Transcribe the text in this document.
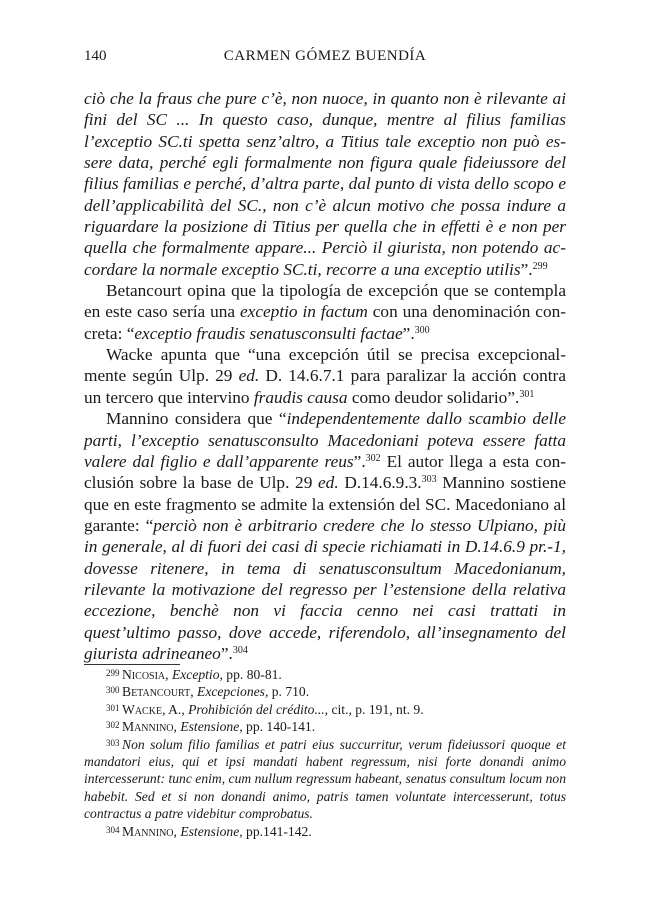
140	CARMEN GÓMEZ BUENDÍA

ciò che la fraus che pure c’è, non nuoce, in quanto non è rilevante ai fini del SC ... In questo caso, dunque, mentre al filius familias l’exceptio SC.ti spetta senz’altro, a Titius tale exceptio non può essere data, perché egli formalmente non figura quale fideiussore del filius familias e perché, d’altra parte, dal punto di vista dello scopo e dell’applicabilità del SC., non c’è alcun motivo che possa indure a riguardare la posizione di Titius per quella che in effetti è e non per quella che formalmente appare... Perciò il giurista, non potendo accordare la normale exceptio SC.ti, recorre a una exceptio utilis”.$^{299}$

Betancourt opina que la tipología de excepción que se contempla en este caso sería una exceptio in factum con una denominación concreta: “exceptio fraudis senatusconsulti factae”.$^{300}$

Wacke apunta que “una excepción útil se precisa excepcionalmente según Ulp. 29 ed. D. 14.6.7.1 para paralizar la acción contra un tercero que intervino fraudis causa como deudor solidario”.$^{301}$

Mannino considera que “independentemente dallo scambio delle parti, l’exceptio senatusconsulto Macedoniani poteva essere fatta valere dal figlio e dall’apparente reus”.$^{302}$ El autor llega a esta conclusión sobre la base de Ulp. 29 ed. D.14.6.9.3.$^{303}$ Mannino sostiene que en este fragmento se admite la extensión del SC. Macedoniano al garante: “perciò non è arbitrario credere che lo stesso Ulpiano, più in generale, al di fuori dei casi di specie richiamati in D.14.6.9 pr.-1, dovesse ritenere, in tema di senatusconsultum Macedonianum, rilevante la motivazione del regresso per l’estensione della relativa eccezione, benchè non vi faccia cenno nei casi trattati in quest’ultimo passo, dove accede, riferendolo, all’insegnamento del giurista adrineaneo”.$^{304}$

299 Nicosia, Exceptio, pp. 80-81.

300 Betancourt, Excepciones, p. 710.

301 Wacke, A., Prohibición del crédito..., cit., p. 191, nt. 9.

302 Mannino, Estensione, pp. 140-141.

303 Non solum filio familias et patri eius succurritur, verum fideiussori quoque et mandatori eius, qui et ipsi mandati habent regressum, nisi forte donandi animo intercesserunt: tunc enim, cum nullum regressum habeant, senatus consultum locum non habebit. Sed et si non donandi animo, patris tamen voluntate intercesserunt, totus contractus a patre videbitur comprobatus.

304 Mannino, Estensione, pp.141-142.
